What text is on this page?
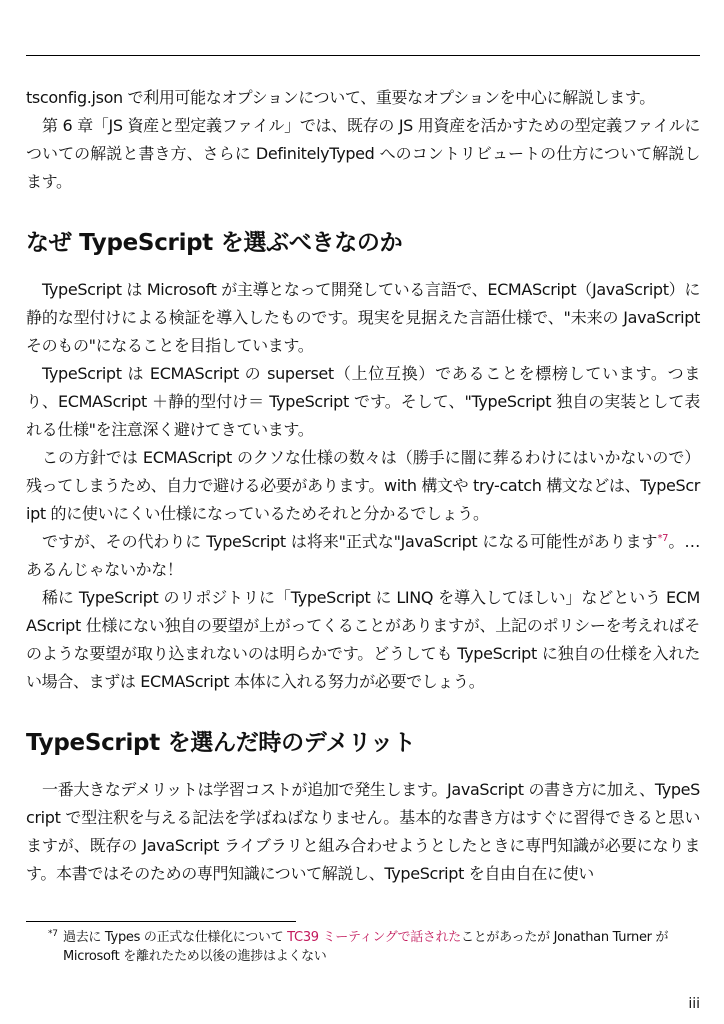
tsconfig.json で利用可能なオプションについて、重要なオプションを中心に解説します。

第 6 章「JS 資産と型定義ファイル」では、既存の JS 用資産を活かすための型定義ファイルについての解説と書き方、さらに DefinitelyTyped へのコントリビュートの仕方について解説します。

なぜ TypeScript を選ぶべきなのか

TypeScript は Microsoft が主導となって開発している言語で、ECMAScript（JavaScript）に静的な型付けによる検証を導入したものです。現実を見据えた言語仕様で、"未来の JavaScript そのもの"になることを目指しています。

TypeScript は ECMAScript の superset（上位互換）であることを標榜しています。つまり、ECMAScript ＋静的型付け＝ TypeScript です。そして、"TypeScript 独自の実装として表れる仕様"を注意深く避けてきています。

この方針では ECMAScript のクソな仕様の数々は（勝手に闇に葬るわけにはいかないので）残ってしまうため、自力で避ける必要があります。with 構文や try-catch 構文などは、TypeScript 的に使いにくい仕様になっているためそれと分かるでしょう。

ですが、その代わりに TypeScript は将来"正式な"JavaScript になる可能性があります$^{*7}$。…あるんじゃないかな！

稀に TypeScript のリポジトリに「TypeScript に LINQ を導入してほしい」などという ECMAScript 仕様にない独自の要望が上がってくることがありますが、上記のポリシーを考えればそのような要望が取り込まれないのは明らかです。どうしても TypeScript に独自の仕様を入れたい場合、まずは ECMAScript 本体に入れる努力が必要でしょう。

TypeScript を選んだ時のデメリット

一番大きなデメリットは学習コストが追加で発生します。JavaScript の書き方に加え、TypeScript で型注釈を与える記法を学ばねばなりません。基本的な書き方はすぐに習得できると思いますが、既存の JavaScript ライブラリと組み合わせようとしたときに専門知識が必要になります。本書ではそのための専門知識について解説し、TypeScript を自由自在に使い

*7 過去に Types の正式な仕様化について TC39 ミーティングで話されたことがあったが Jonathan Turner が Microsoft を離れたため以後の進捗はよくない
iii
